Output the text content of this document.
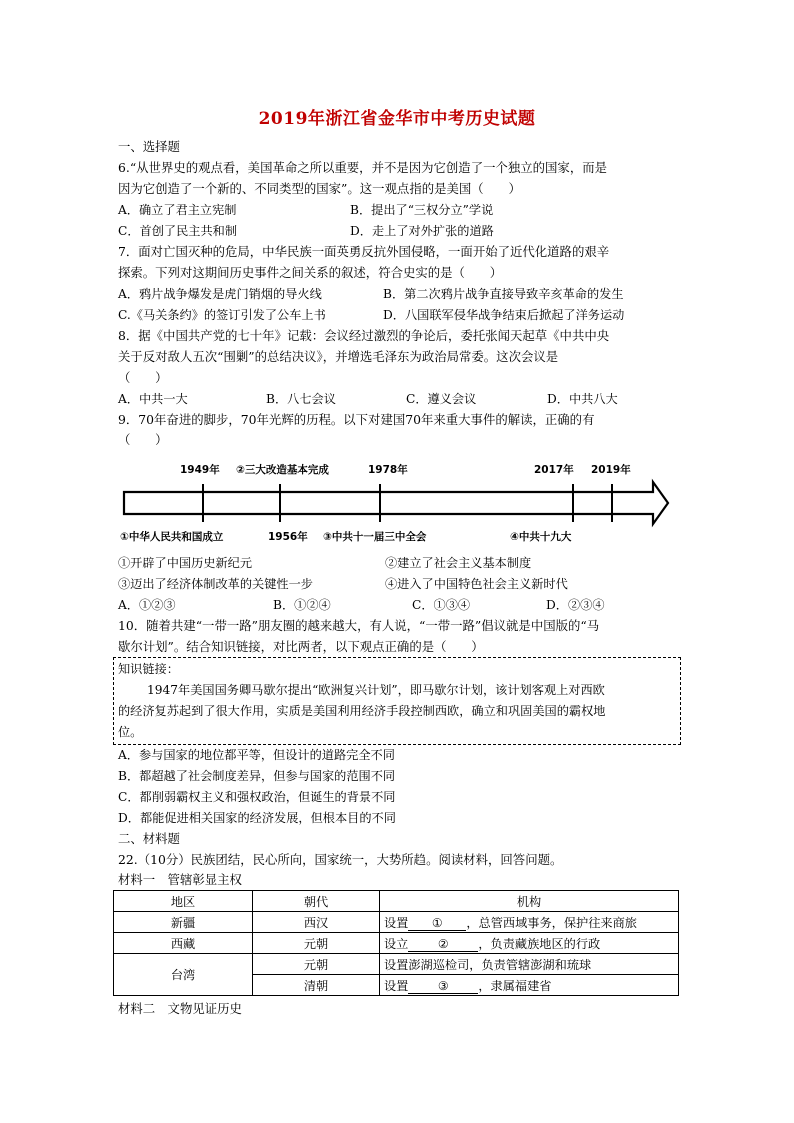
2019年浙江省金华市中考历史试题
一、选择题
6.“从世界史的观点看，美国革命之所以重要，并不是因为它创造了一个独立的国家，而是
因为它创造了一个新的、不同类型的国家”。这一观点指的是美国（　　）
A．确立了君主立宪制	B．提出了“三权分立”学说
C．首创了民主共和制	D．走上了对外扩张的道路
7．面对亡国灭种的危局，中华民族一面英勇反抗外国侵略，一面开始了近代化道路的艰辛
探索。下列对这期间历史事件之间关系的叙述，符合史实的是（　　）
A．鸦片战争爆发是虎门销烟的导火线	B．第二次鸦片战争直接导致辛亥革命的发生
C.《马关条约》的签订引发了公车上书	D．八国联军侵华战争结束后掀起了洋务运动
8．据《中国共产党的七十年》记载：会议经过激烈的争论后，委托张闻天起草《中共中央
关于反对敌人五次“围剿”的总结决议》，并增选毛泽东为政治局常委。这次会议是
（　　）
A．中共一大	B．八七会议	C．遵义会议	D．中共八大
9．70年奋进的脚步，70年光辉的历程。以下对建国70年来重大事件的解读，正确的有
（　　）
1949年 ②三大改造基本完成	1978年	2017年 2019年
①中华人民共和国成立	1956年 ③中共十一届三中全会	④中共十九大
①开辟了中国历史新纪元	②建立了社会主义基本制度
③迈出了经济体制改革的关键性一步	④进入了中国特色社会主义新时代
A．①②③	B．①②④	C．①③④	D．②③④
10．随着共建“一带一路”朋友圈的越来越大，有人说，“一带一路”倡议就是中国版的“马
歇尔计划”。结合知识链接，对比两者，以下观点正确的是（　　）
知识链接：
1947年美国国务卿马歇尔提出“欧洲复兴计划”，即马歇尔计划，该计划客观上对西欧
的经济复苏起到了很大作用，实质是美国利用经济手段控制西欧，确立和巩固美国的霸权地
位。
A．参与国家的地位都平等，但设计的道路完全不同
B．都超越了社会制度差异，但参与国家的范围不同
C．都削弱霸权主义和强权政治，但诞生的背景不同
D．都能促进相关国家的经济发展，但根本目的不同
二、材料题
22.（10分）民族团结，民心所向，国家统一，大势所趋。阅读材料，回答问题。
材料一　管辖彰显主权
地区	朝代	机构
新疆	西汉	设置 ① ，总管西域事务，保护往来商旅
西藏	元朝	设立 ② ，负责藏族地区的行政
台湾	元朝	设置澎湖巡检司，负责管辖澎湖和琉球
	清朝	设置 ③ ，隶属福建省
材料二　文物见证历史
